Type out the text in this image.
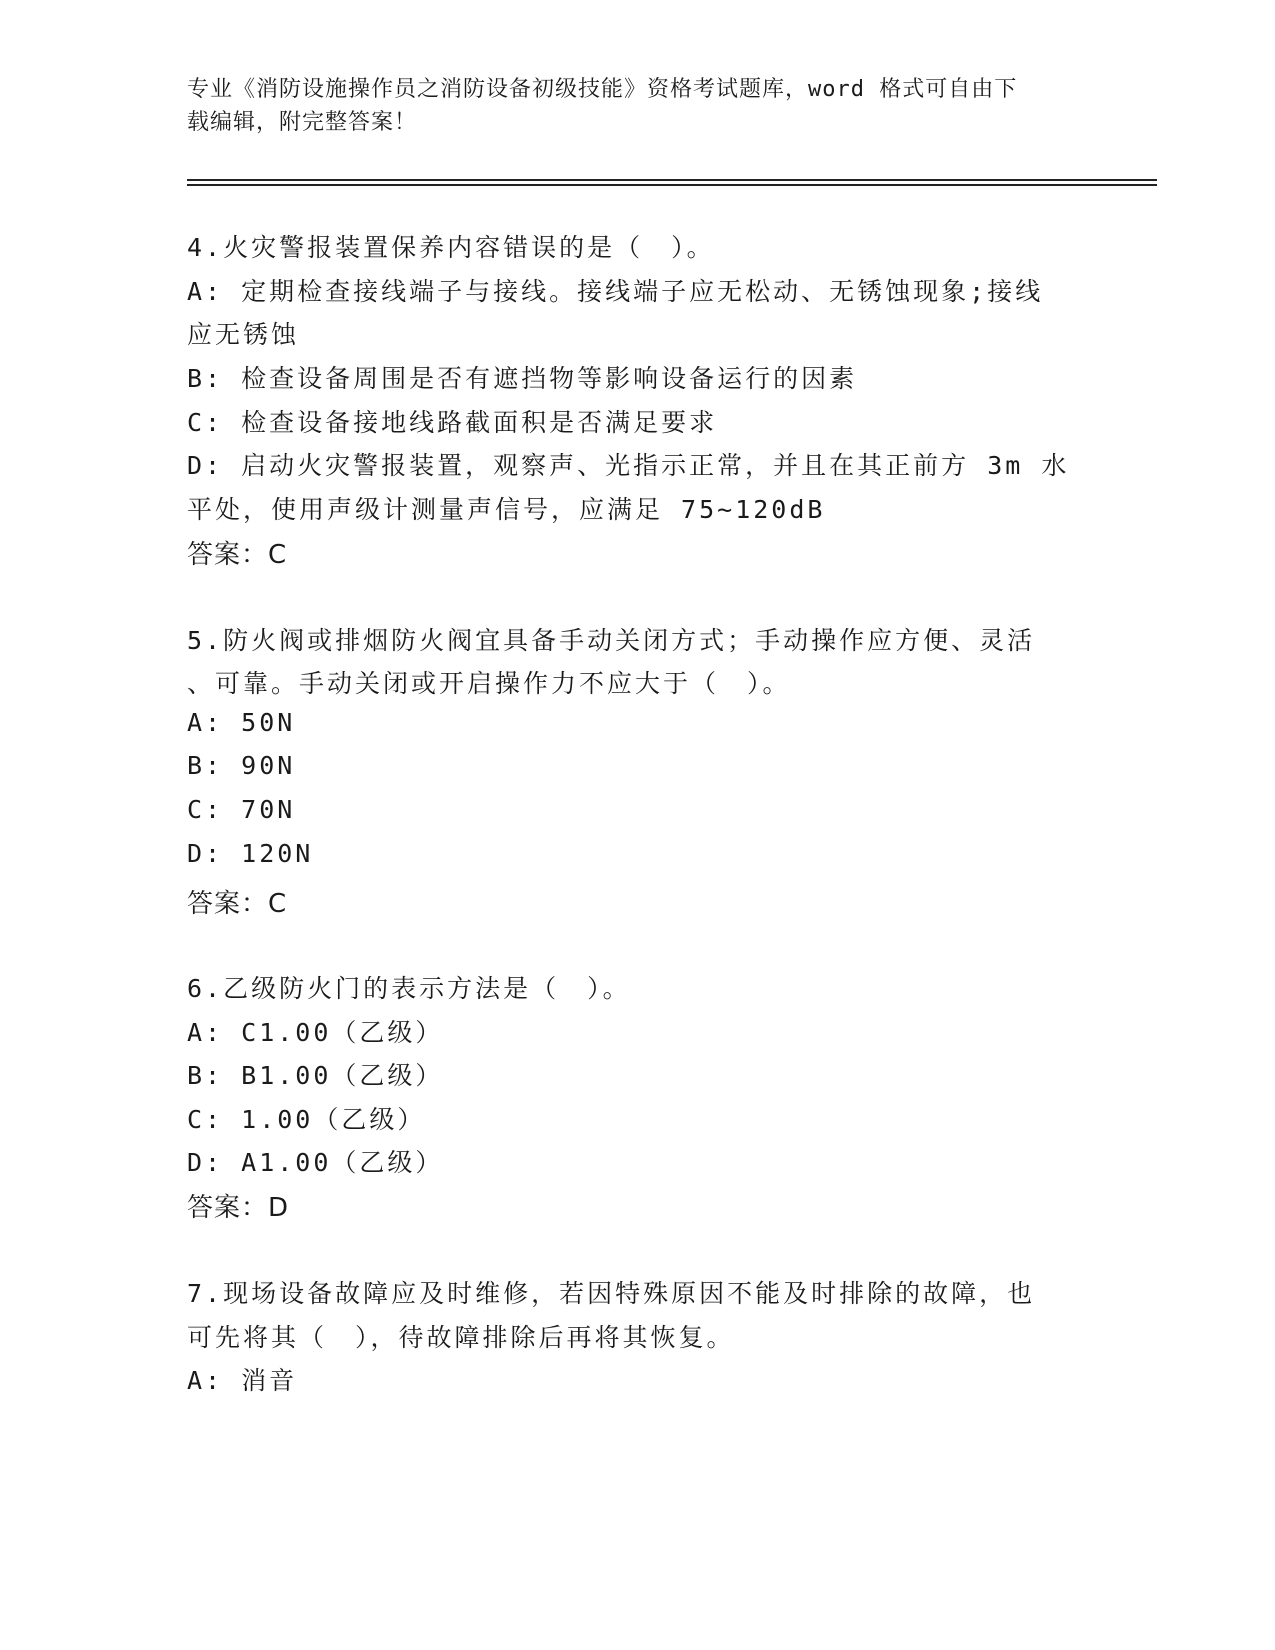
专业《消防设施操作员之消防设备初级技能》资格考试题库，word 格式可自由下
载编辑，附完整答案！
4.火灾警报装置保养内容错误的是（　）。
A: 定期检查接线端子与接线。接线端子应无松动、无锈蚀现象;接线
应无锈蚀
B: 检查设备周围是否有遮挡物等影响设备运行的因素
C: 检查设备接地线路截面积是否满足要求
D: 启动火灾警报装置，观察声、光指示正常，并且在其正前方 3m 水
平处，使用声级计测量声信号，应满足 75~120dB
答案：C
5.防火阀或排烟防火阀宜具备手动关闭方式；手动操作应方便、灵活
、可靠。手动关闭或开启操作力不应大于（　）。
A: 50N
B: 90N
C: 70N
D: 120N
答案：C
6.乙级防火门的表示方法是（　）。
A: C1.00（乙级）
B: B1.00（乙级）
C: 1.00（乙级）
D: A1.00（乙级）
答案：D
7.现场设备故障应及时维修，若因特殊原因不能及时排除的故障，也
可先将其（　），待故障排除后再将其恢复。
A: 消音
